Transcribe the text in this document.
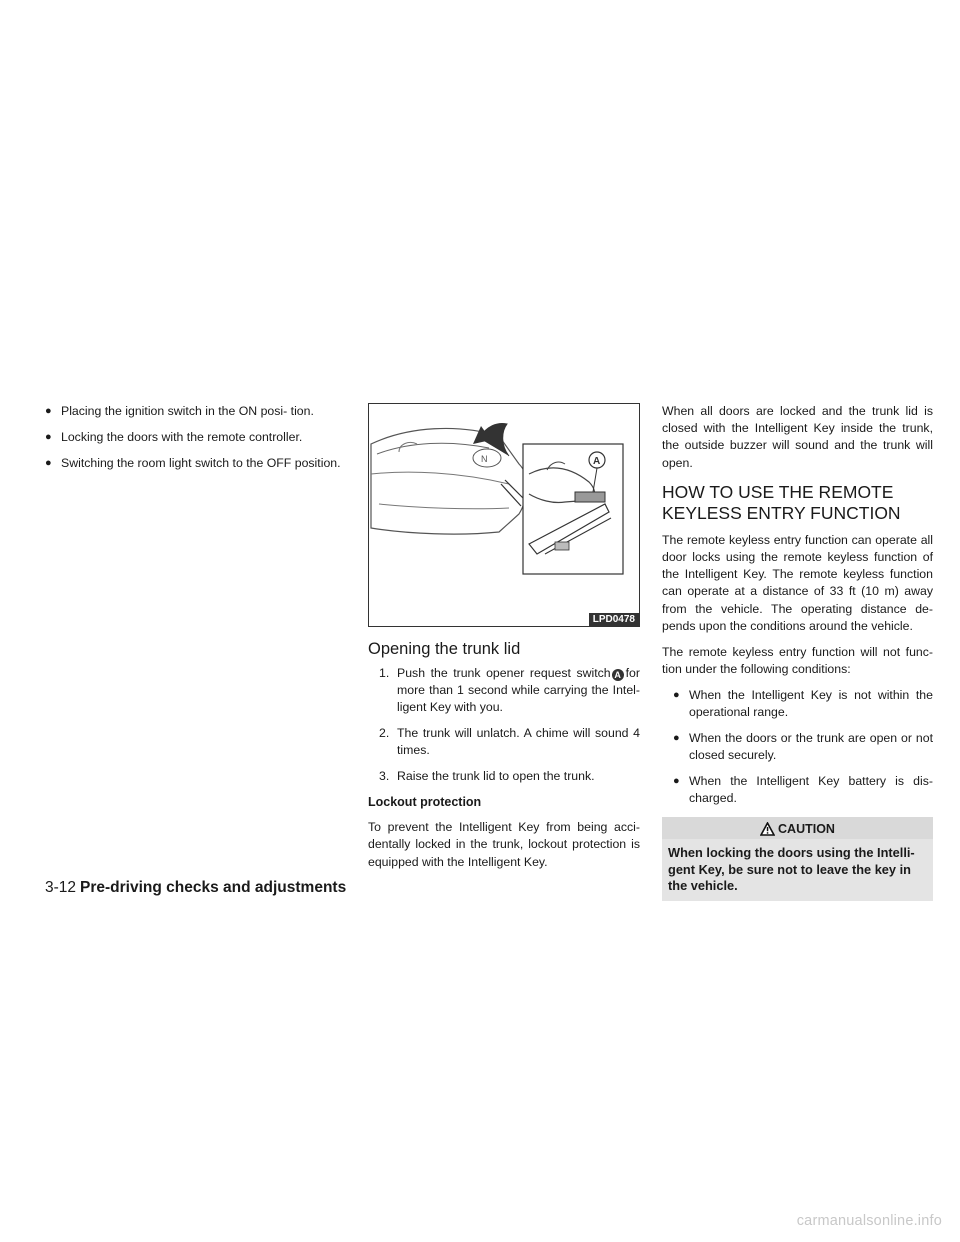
● Placing the ignition switch in the ON posi- tion.
● Locking the doors with the remote controller.
● Switching the room light switch to the OFF position.	N	A
LPD0478
Opening the trunk lid
1. Push the trunk opener request switch A for more than 1 second while carrying the Intel- ligent Key with you.
2. The trunk will unlatch. A chime will sound 4 times.
3. Raise the trunk lid to open the trunk.
Lockout protection

To prevent the Intelligent Key from being acci- dentally locked in the trunk, lockout protection is equipped with the Intelligent Key.

When all doors are locked and the trunk lid is closed with the Intelligent Key inside the trunk, the outside buzzer will sound and the trunk will open.

HOW TO USE THE REMOTE
KEYLESS ENTRY FUNCTION

The remote keyless entry function can operate all door locks using the remote keyless function of the Intelligent Key. The remote keyless function can operate at a distance of 33 ft (10 m) away from the vehicle. The operating distance de- pends upon the conditions around the vehicle.

The remote keyless entry function will not func- tion under the following conditions:

● When the Intelligent Key is not within the operational range.
● When the doors or the trunk are open or not closed securely.
● When the Intelligent Key battery is dis- charged.
CAUTION
When locking the doors using the Intelli- gent Key, be sure not to leave the key in the vehicle.
3-12 Pre-driving checks and adjustments
carmanualsonline.info
